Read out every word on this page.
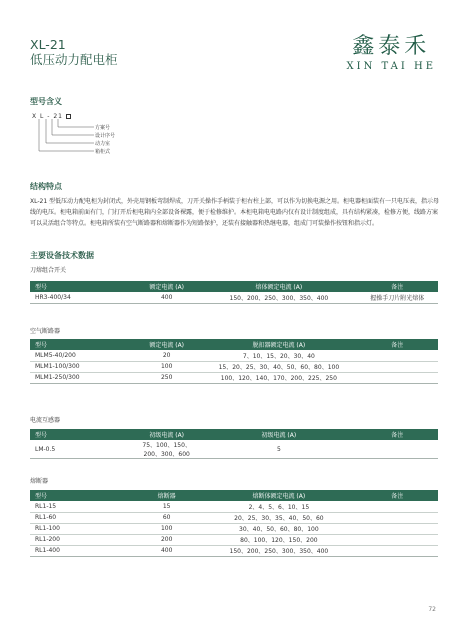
XL-21
低压动力配电柜
鑫泰禾
XIN TAI HE
型号含义
X L - 21
方案号
设计序号
动力室
箱柜式
结构特点
XL-21 型低压动力配电柜为封闭式，外壳用钢板弯制焊成，刀开关操作手柄装于柜右柱上部，可以作为切换电源之用。柜电器柜面装有一只电压表，指示母线的电压。柜电箱前面有门，门打开后柜电箱内全部设备裸露，便于检修维护。本柜电箱电电路内仅有设计制度组成，具有结构紧凑，检修方便，线路方案可以灵活组合等特点。柜电箱所装有空气断路器和熔断器作为短路保护，还装有接触器和热继电器，组成门可装操作按钮和指示灯。
主要设备技术数据
刀熔组合开关
型号	额定电流 (A)	熔体额定电流 (A)	备注
HR3-400/34	400	150、200、250、300、350、400	握操手刀片附光熔体
空气断路器
型号	额定电流 (A)	脱扣器额定电流 (A)	备注
MLM5-40/200	20	7、10、15、20、30、40	
MLM1-100/300	100	15、20、25、30、40、50、60、80、100	
MLM1-250/300	250	100、120、140、170、200、225、250	
电流互感器
型号	初级电流 (A)	初级电流 (A)	备注
LM-0.5	75、100、150、200、300、600	5	
熔断器
型号	熔断器	熔断体额定电流 (A)	备注
RL1-15	15	2、4、5、6、10、15	
RL1-60	60	20、25、30、35、40、50、60	
RL1-100	100	30、40、50、60、80、100	
RL1-200	200	80、100、120、150、200	
RL1-400	400	150、200、250、300、350、400	
72
